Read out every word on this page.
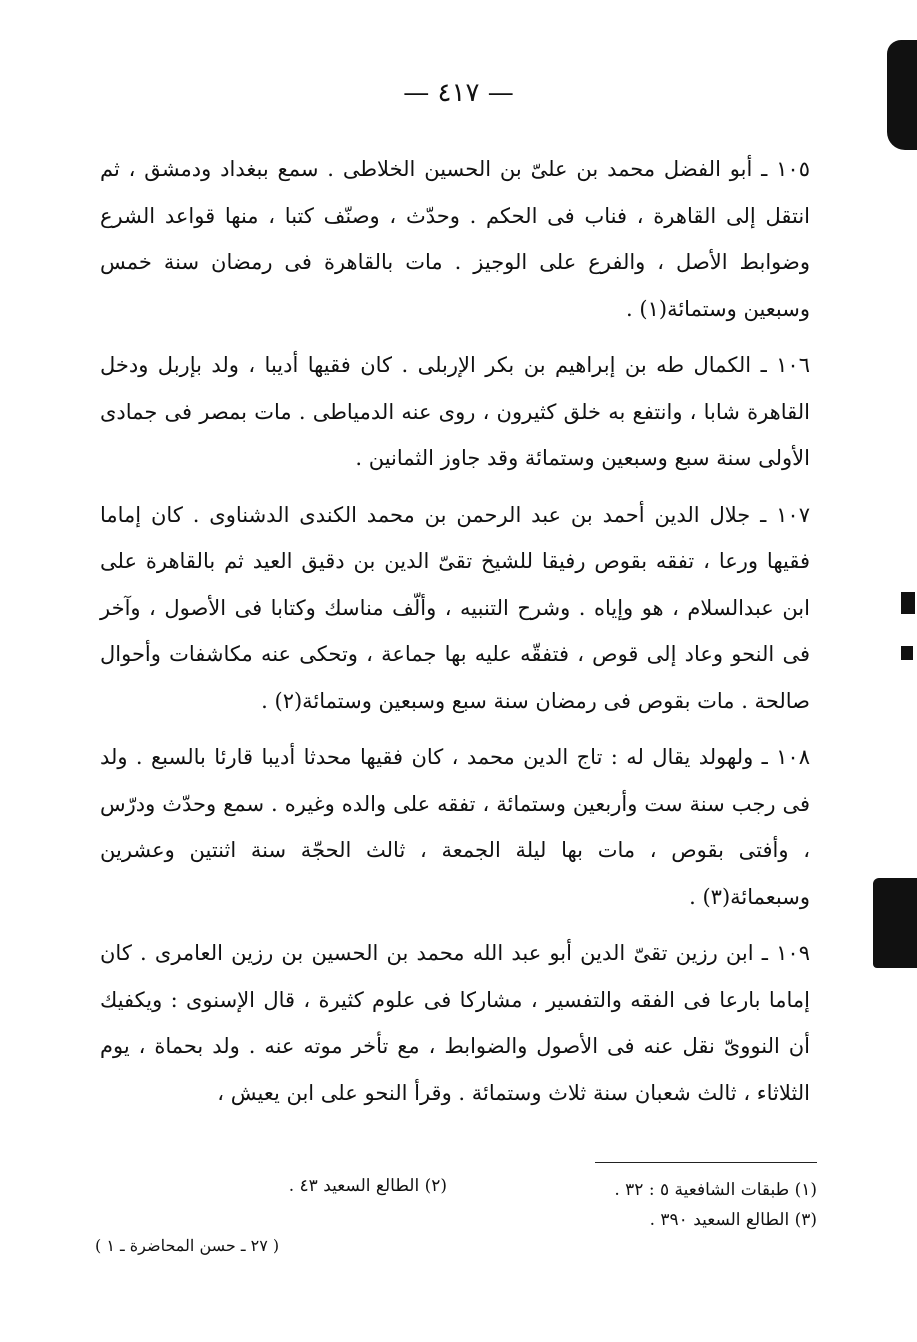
— ٤١٧ —

١٠٥ ـ أبو الفضل محمد بن علىّ بن الحسين الخلاطى . سمع ببغداد ودمشق ، ثم انتقل إلى القاهرة ، فناب فى الحكم . وحدّث ، وصنّف كتبا ، منها قواعد الشرع وضوابط الأصل ، والفرع على الوجيز . مات بالقاهرة فى رمضان سنة خمس وسبعين وستمائة(١) .

١٠٦ ـ الكمال طه بن إبراهيم بن بكر الإربلى . كان فقيها أديبا ، ولد بإربل ودخل القاهرة شابا ، وانتفع به خلق كثيرون ، روى عنه الدمياطى . مات بمصر فى جمادى الأولى سنة سبع وسبعين وستمائة وقد جاوز الثمانين .

١٠٧ ـ جلال الدين أحمد بن عبد الرحمن بن محمد الكندى الدشناوى . كان إماما فقيها ورعا ، تفقه بقوص رفيقا للشيخ تقىّ الدين بن دقيق العيد ثم بالقاهرة على ابن عبدالسلام ، هو وإياه . وشرح التنبيه ، وألّف مناسك وكتابا فى الأصول ، وآخر فى النحو وعاد إلى قوص ، فتفقّه عليه بها جماعة ، وتحكى عنه مكاشفات وأحوال صالحة . مات بقوص فى رمضان سنة سبع وسبعين وستمائة(٢) .

١٠٨ ـ ولهولد يقال له : تاج الدين محمد ، كان فقيها محدثا أديبا قارئا بالسبع . ولد فى رجب سنة ست وأربعين وستمائة ، تفقه على والده وغيره . سمع وحدّث ودرّس ، وأفتى بقوص ، مات بها ليلة الجمعة ، ثالث الحجّة سنة اثنتين وعشرين وسبعمائة(٣) .

١٠٩ ـ ابن رزين تقىّ الدين أبو عبد الله محمد بن الحسين بن رزين العامرى . كان إماما بارعا فى الفقه والتفسير ، مشاركا فى علوم كثيرة ، قال الإسنوى : ويكفيك أن النووىّ نقل عنه فى الأصول والضوابط ، مع تأخر موته عنه . ولد بحماة ، يوم الثلاثاء ، ثالث شعبان سنة ثلاث وستمائة . وقرأ النحو على ابن يعيش ،

(١) طبقات الشافعية ٥ : ٣٢ .
(٢) الطالع السعيد ٤٣ .
(٣) الطالع السعيد ٣٩٠ .
( ٢٧ ـ حسن المحاضرة ـ ١ )
